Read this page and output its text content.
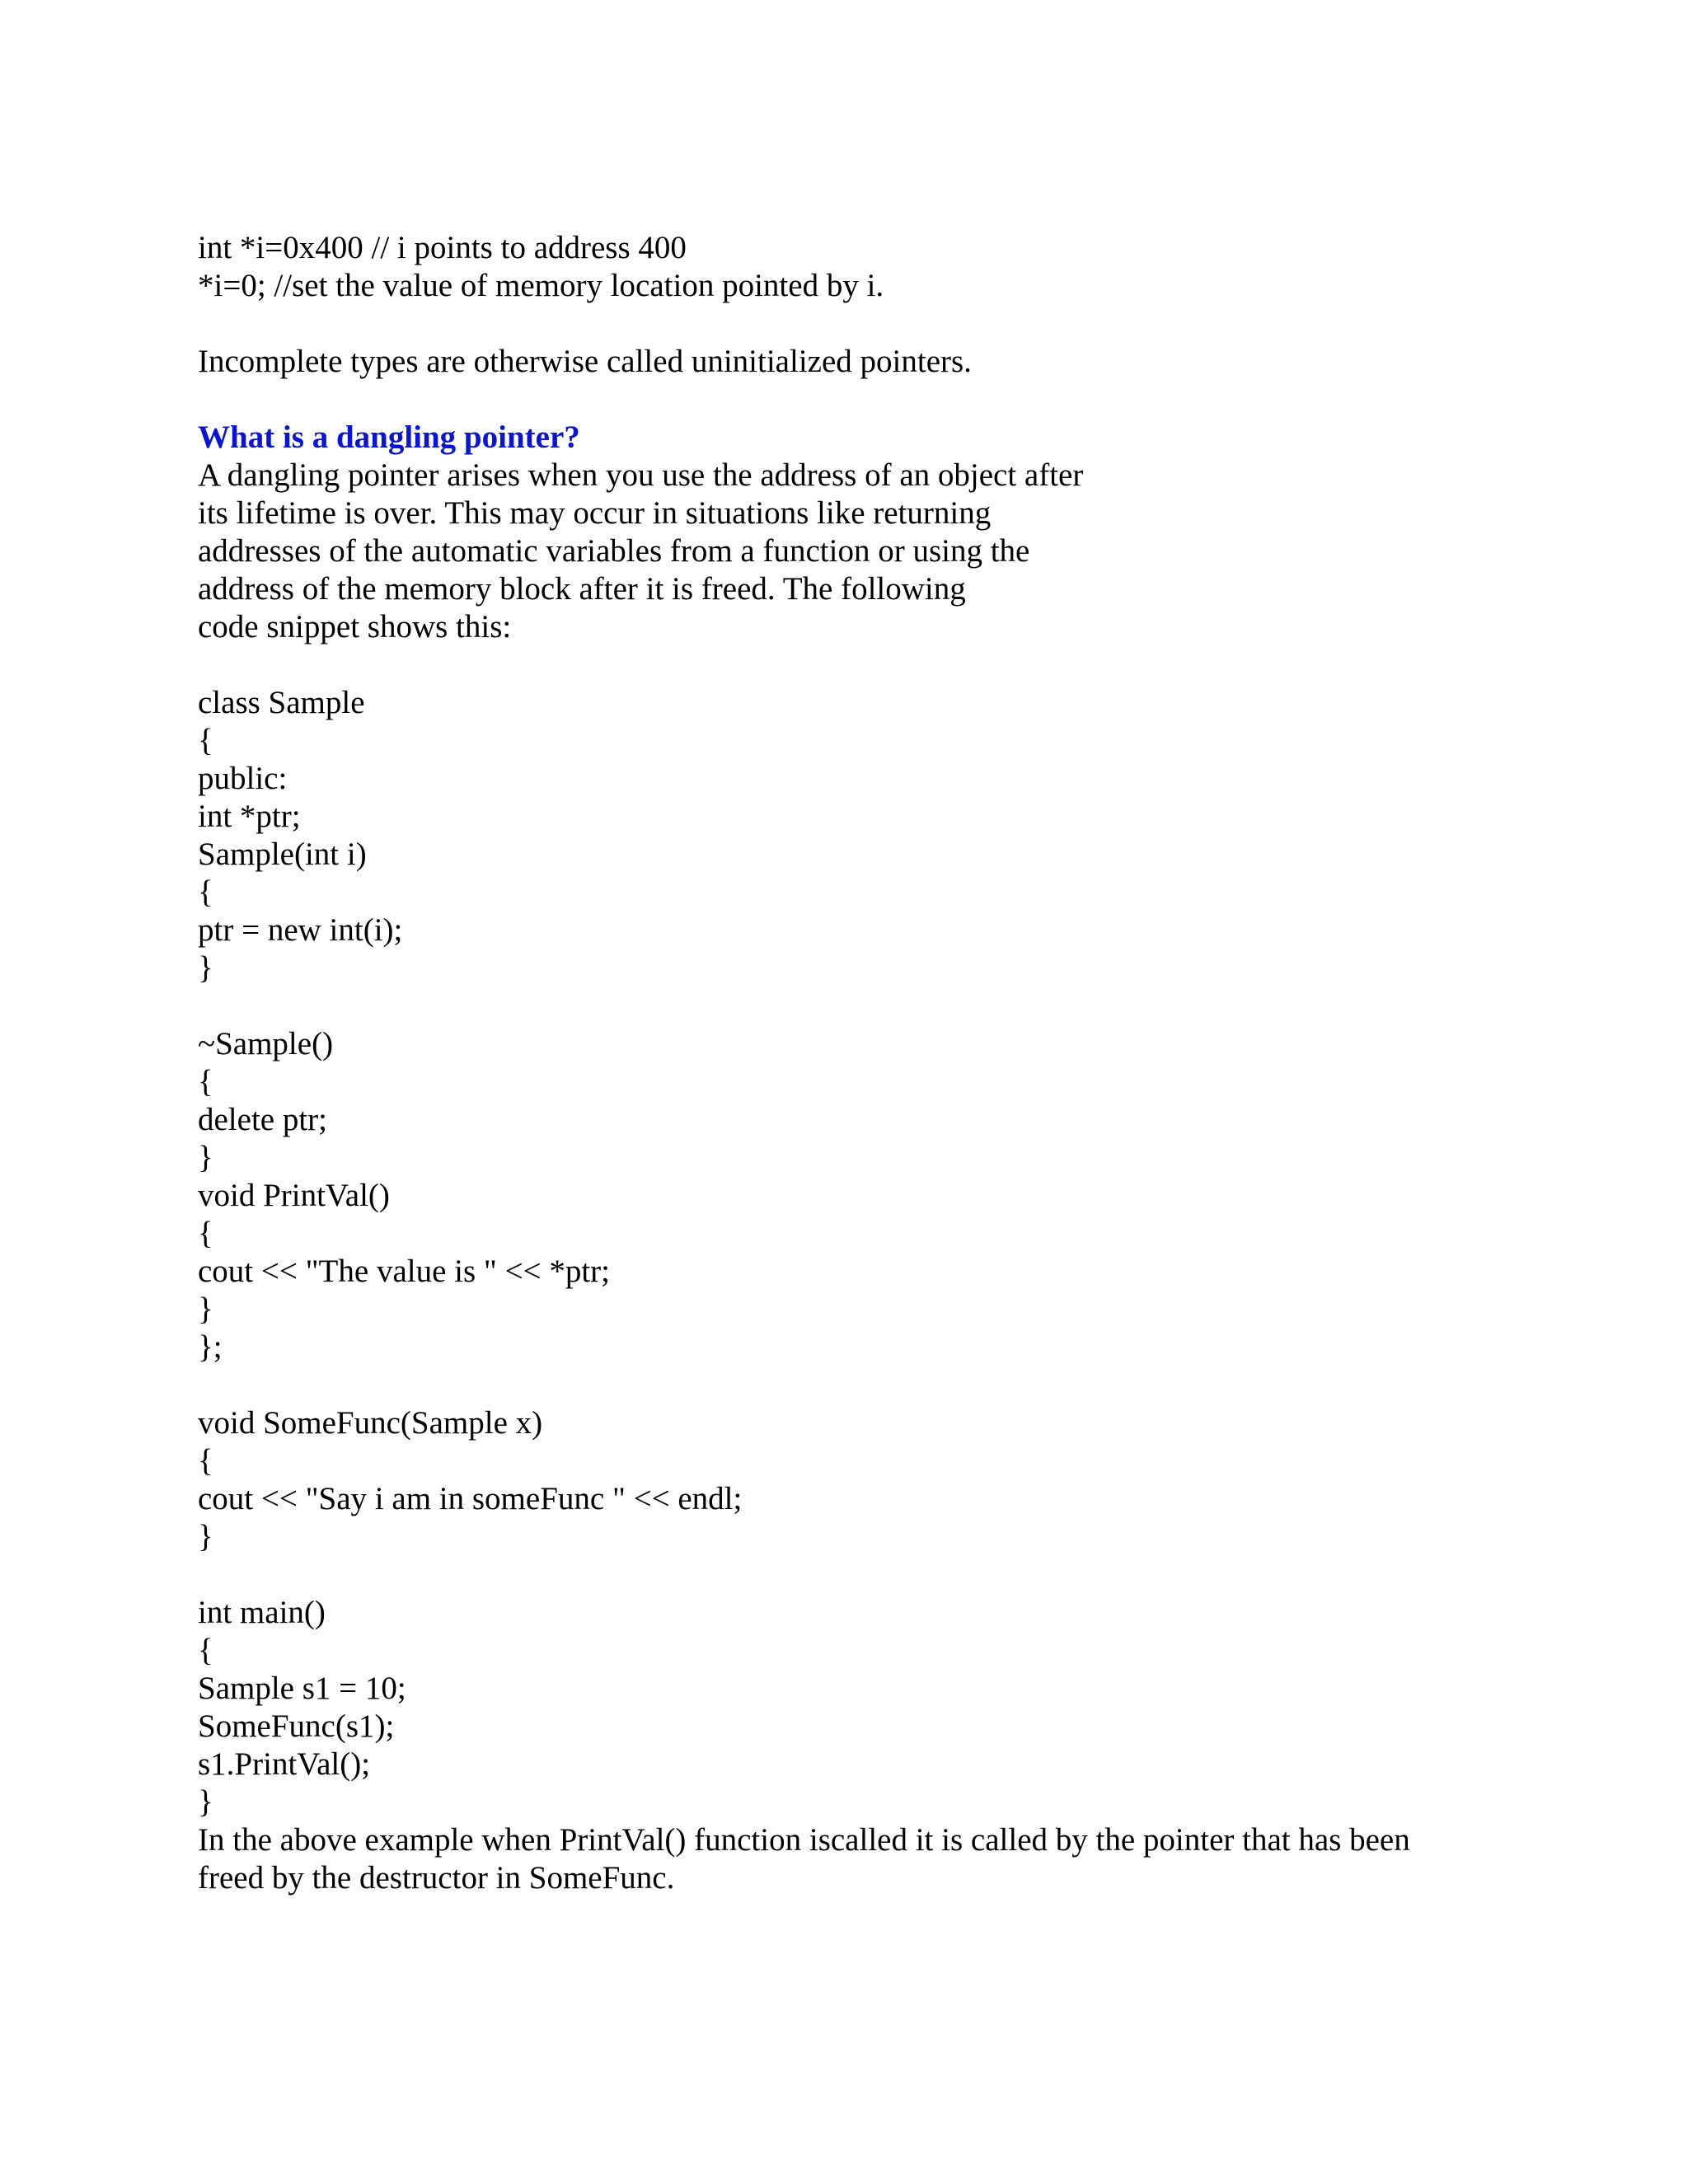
int *i=0x400 // i points to address 400
*i=0; //set the value of memory location pointed by i.
Incomplete types are otherwise called uninitialized pointers.
What is a dangling pointer?
A dangling pointer arises when you use the address of an object after
its lifetime is over. This may occur in situations like returning
addresses of the automatic variables from a function or using the
address of the memory block after it is freed. The following
code snippet shows this:
class Sample
{
public:
int *ptr;
Sample(int i)
{
ptr = new int(i);
}
~Sample()
{
delete ptr;
}
void PrintVal()
{
cout << "The value is " << *ptr;
}
};
void SomeFunc(Sample x)
{
cout << "Say i am in someFunc " << endl;
}
int main()
{
Sample s1 = 10;
SomeFunc(s1);
s1.PrintVal();
}
In the above example when PrintVal() function iscalled it is called by the pointer that has been
freed by the destructor in SomeFunc.
